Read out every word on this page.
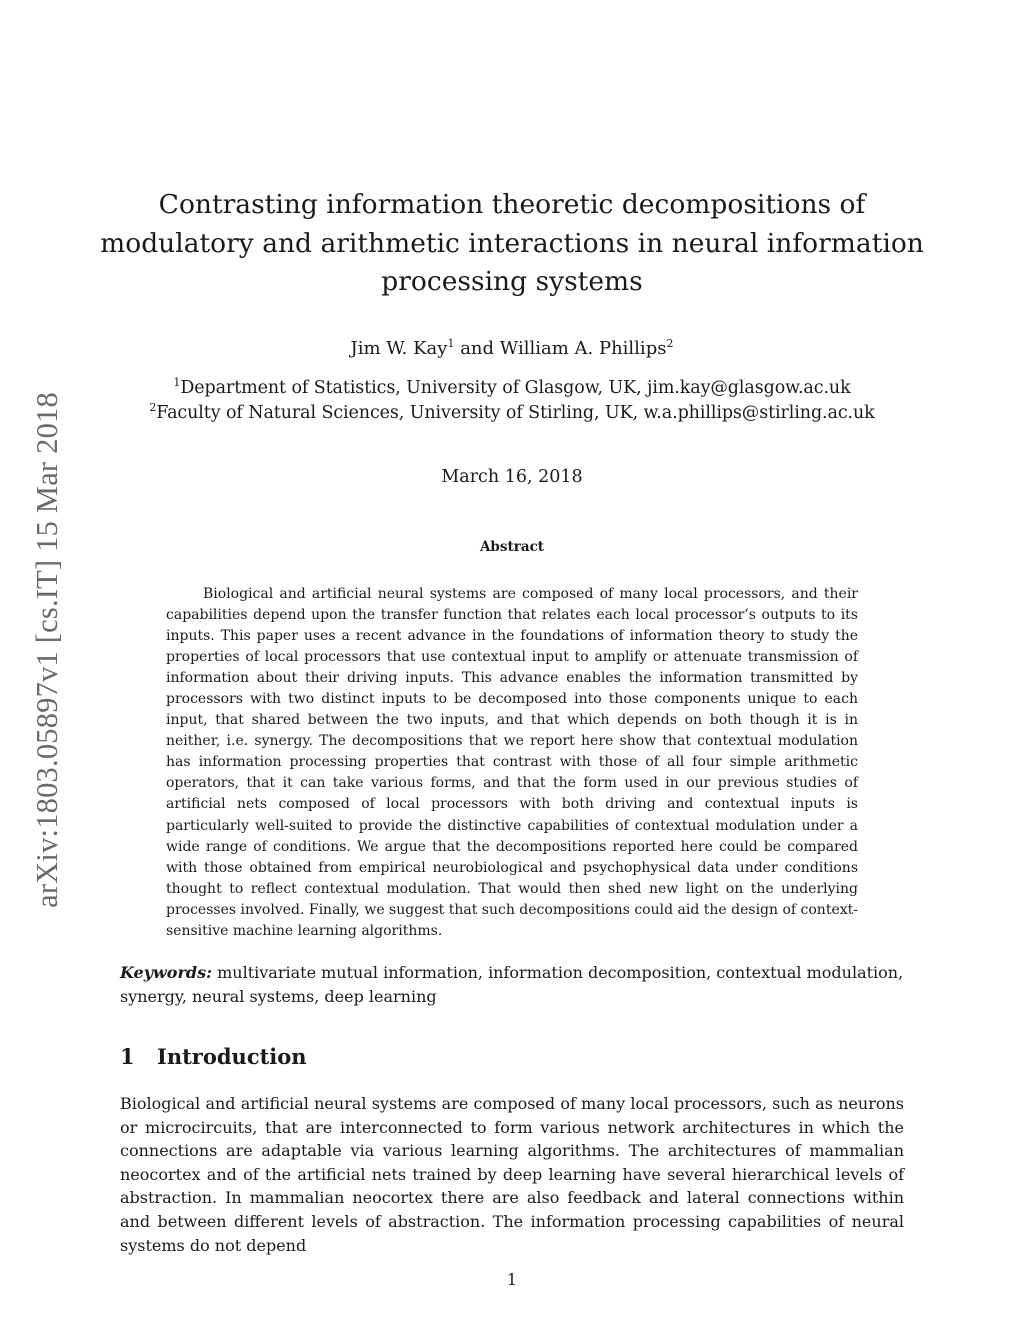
arXiv:1803.05897v1 [cs.IT] 15 Mar 2018
Contrasting information theoretic decompositions of
modulatory and arithmetic interactions in neural information
processing systems
Jim W. Kay$^1$ and William A. Phillips$^2$
$^1$Department of Statistics, University of Glasgow, UK, jim.kay@glasgow.ac.uk
$^2$Faculty of Natural Sciences, University of Stirling, UK, w.a.phillips@stirling.ac.uk
March 16, 2018
Abstract

Biological and artificial neural systems are composed of many local processors, and their capabilities depend upon the transfer function that relates each local processor’s outputs to its inputs. This paper uses a recent advance in the foundations of information theory to study the properties of local processors that use contextual input to amplify or attenuate transmission of information about their driving inputs. This advance enables the information transmitted by processors with two distinct inputs to be decomposed into those components unique to each input, that shared between the two inputs, and that which depends on both though it is in neither, i.e. synergy. The decompositions that we report here show that contextual modulation has information processing properties that contrast with those of all four simple arithmetic operators, that it can take various forms, and that the form used in our previous studies of artificial nets composed of local processors with both driving and contextual inputs is particularly well-suited to provide the distinctive capabilities of contextual modulation under a wide range of conditions. We argue that the decompositions reported here could be compared with those obtained from empirical neurobiological and psychophysical data under conditions thought to reflect contextual modulation. That would then shed new light on the underlying processes involved. Finally, we suggest that such decompositions could aid the design of context-sensitive machine learning algorithms.

Keywords: multivariate mutual information, information decomposition, contextual modulation, synergy, neural systems, deep learning

1 Introduction

Biological and artificial neural systems are composed of many local processors, such as neurons or microcircuits, that are interconnected to form various network architectures in which the connections are adaptable via various learning algorithms. The architectures of mammalian neocortex and of the artificial nets trained by deep learning have several hierarchical levels of abstraction. In mammalian neocortex there are also feedback and lateral connections within and between different levels of abstraction. The information processing capabilities of neural systems do not depend

1
